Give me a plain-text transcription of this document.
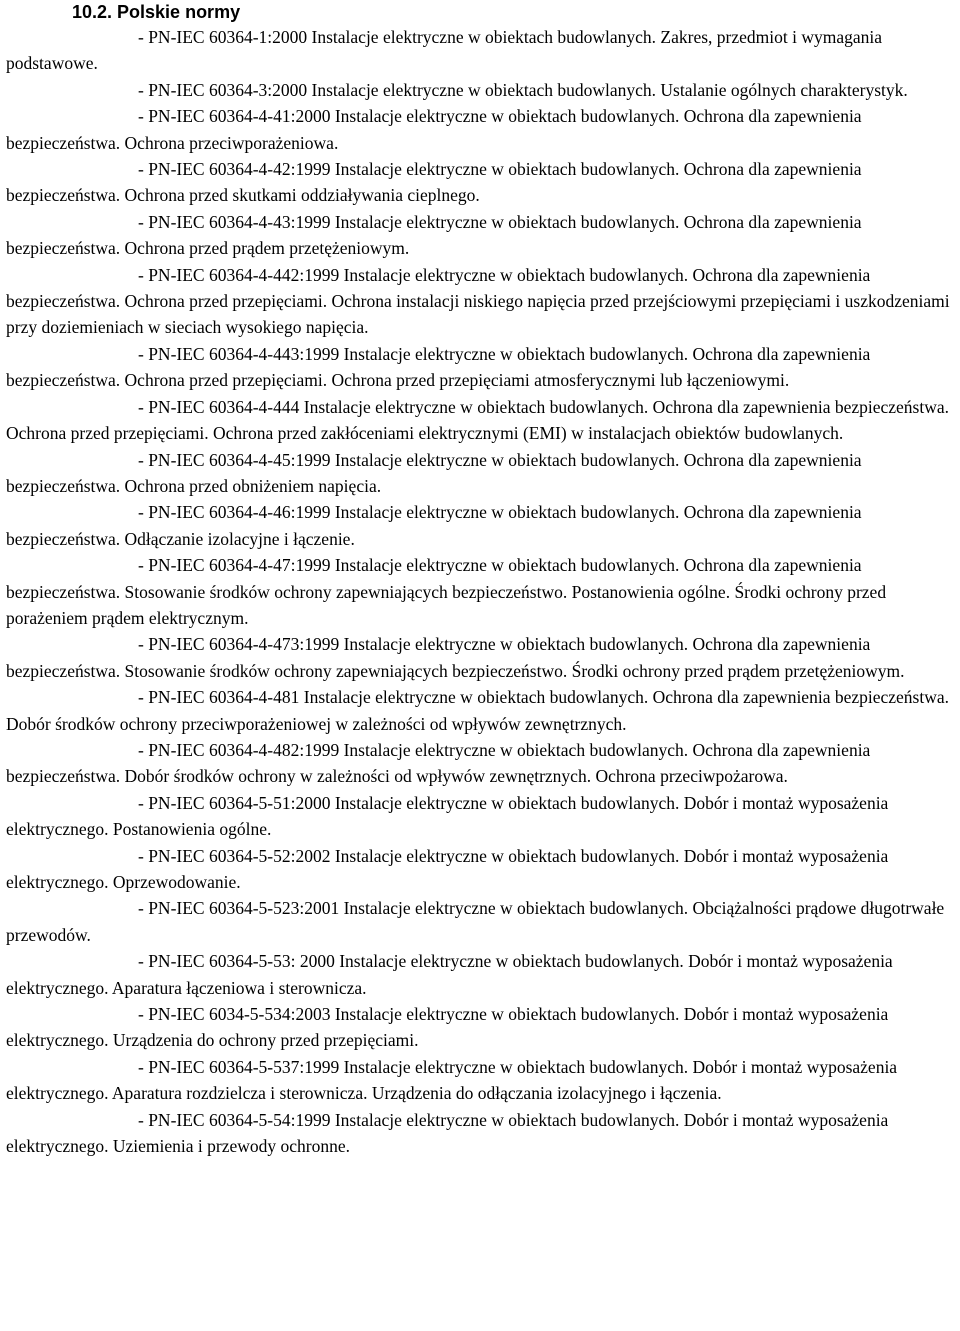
10.2. Polskie normy

- PN-IEC 60364-1:2000 Instalacje elektryczne w obiektach budowlanych. Zakres, przedmiot i wymagania podstawowe.

- PN-IEC 60364-3:2000 Instalacje elektryczne w obiektach budowlanych. Ustalanie ogólnych charakterystyk.

- PN-IEC 60364-4-41:2000 Instalacje elektryczne w obiektach budowlanych. Ochrona dla zapewnienia bezpieczeństwa. Ochrona przeciwporażeniowa.

- PN-IEC 60364-4-42:1999 Instalacje elektryczne w obiektach budowlanych. Ochrona dla zapewnienia bezpieczeństwa. Ochrona przed skutkami oddziaływania cieplnego.

- PN-IEC 60364-4-43:1999 Instalacje elektryczne w obiektach budowlanych. Ochrona dla zapewnienia bezpieczeństwa. Ochrona przed prądem przetężeniowym.

- PN-IEC 60364-4-442:1999 Instalacje elektryczne w obiektach budowlanych. Ochrona dla zapewnienia bezpieczeństwa. Ochrona przed przepięciami. Ochrona instalacji niskiego napięcia przed przejściowymi przepięciami i uszkodzeniami przy doziemieniach w sieciach wysokiego napięcia.

- PN-IEC 60364-4-443:1999 Instalacje elektryczne w obiektach budowlanych. Ochrona dla zapewnienia bezpieczeństwa. Ochrona przed przepięciami. Ochrona przed przepięciami atmosferycznymi lub łączeniowymi.

- PN-IEC 60364-4-444 Instalacje elektryczne w obiektach budowlanych. Ochrona dla zapewnienia bezpieczeństwa. Ochrona przed przepięciami. Ochrona przed zakłóceniami elektrycznymi (EMI) w instalacjach obiektów budowlanych.

- PN-IEC 60364-4-45:1999 Instalacje elektryczne w obiektach budowlanych. Ochrona dla zapewnienia bezpieczeństwa. Ochrona przed obniżeniem napięcia.

- PN-IEC 60364-4-46:1999 Instalacje elektryczne w obiektach budowlanych. Ochrona dla zapewnienia bezpieczeństwa. Odłączanie izolacyjne i łączenie.

- PN-IEC 60364-4-47:1999 Instalacje elektryczne w obiektach budowlanych. Ochrona dla zapewnienia bezpieczeństwa. Stosowanie środków ochrony zapewniających bezpieczeństwo. Postanowienia ogólne. Środki ochrony przed porażeniem prądem elektrycznym.

- PN-IEC 60364-4-473:1999 Instalacje elektryczne w obiektach budowlanych. Ochrona dla zapewnienia bezpieczeństwa. Stosowanie środków ochrony zapewniających bezpieczeństwo. Środki ochrony przed prądem przetężeniowym.

- PN-IEC 60364-4-481 Instalacje elektryczne w obiektach budowlanych. Ochrona dla zapewnienia bezpieczeństwa. Dobór środków ochrony przeciwporażeniowej w zależności od wpływów zewnętrznych.

- PN-IEC 60364-4-482:1999 Instalacje elektryczne w obiektach budowlanych. Ochrona dla zapewnienia bezpieczeństwa. Dobór środków ochrony w zależności od wpływów zewnętrznych. Ochrona przeciwpożarowa.

- PN-IEC 60364-5-51:2000 Instalacje elektryczne w obiektach budowlanych. Dobór i montaż wyposażenia elektrycznego. Postanowienia ogólne.

- PN-IEC 60364-5-52:2002 Instalacje elektryczne w obiektach budowlanych. Dobór i montaż wyposażenia elektrycznego. Oprzewodowanie.

- PN-IEC 60364-5-523:2001 Instalacje elektryczne w obiektach budowlanych. Obciążalności prądowe długotrwałe przewodów.

- PN-IEC 60364-5-53: 2000 Instalacje elektryczne w obiektach budowlanych. Dobór i montaż wyposażenia elektrycznego. Aparatura łączeniowa i sterownicza.

- PN-IEC 6034-5-534:2003 Instalacje elektryczne w obiektach budowlanych. Dobór i montaż wyposażenia elektrycznego. Urządzenia do ochrony przed przepięciami.

- PN-IEC 60364-5-537:1999 Instalacje elektryczne w obiektach budowlanych. Dobór i montaż wyposażenia elektrycznego. Aparatura rozdzielcza i sterownicza. Urządzenia do odłączania izolacyjnego i łączenia.

- PN-IEC 60364-5-54:1999 Instalacje elektryczne w obiektach budowlanych. Dobór i montaż wyposażenia elektrycznego. Uziemienia i przewody ochronne.
